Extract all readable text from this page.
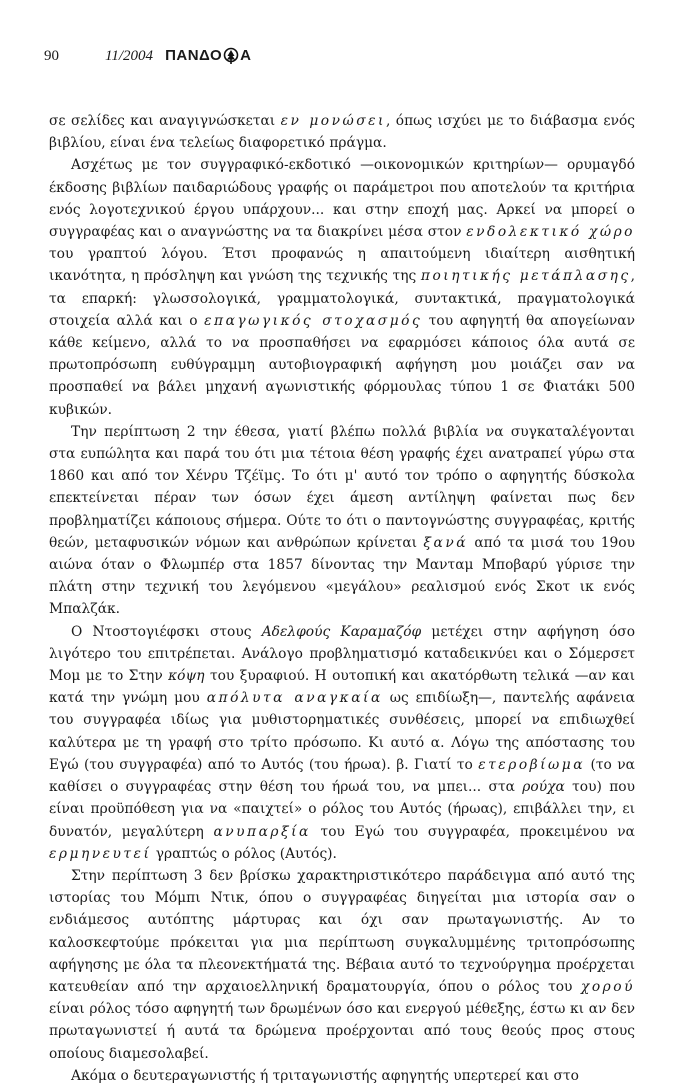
90	11/2004 ΠΑΝΔΟ Α

σε σελίδες και αναγιγνώσκεται εν μονώσει, όπως ισχύει με το διάβασμα ενός βιβλίου, είναι ένα τελείως διαφορετικό πράγμα.

Ασχέτως με τον συγγραφικό-εκδοτικό —οικονομικών κριτηρίων— ορυμαγδό έκδοσης βιβλίων παιδαριώδους γραφής οι παράμετροι που αποτελούν τα κριτήρια ενός λογοτεχνικού έργου υπάρχουν... και στην εποχή μας. Αρκεί να μπορεί ο συγγραφέας και ο αναγνώστης να τα διακρίνει μέσα στον ενδολεκτικό χώρο του γραπτού λόγου. Έτσι προφανώς η απαιτούμενη ιδιαίτερη αισθητική ικανότητα, η πρόσληψη και γνώση της τεχνικής της ποιητικής μετάπλασης, τα επαρκή: γλωσσολογικά, γραμματολογικά, συντακτικά, πραγματολογικά στοιχεία αλλά και ο επαγωγικός στοχασμός του αφηγητή θα απογείωναν κάθε κείμενο, αλλά το να προσπαθήσει να εφαρμόσει κάποιος όλα αυτά σε πρωτοπρόσωπη ευθύγραμμη αυτοβιογραφική αφήγηση μου μοιάζει σαν να προσπαθεί να βάλει μηχανή αγωνιστικής φόρμουλας τύπου 1 σε Φιατάκι 500 κυβικών.

Την περίπτωση 2 την έθεσα, γιατί βλέπω πολλά βιβλία να συγκαταλέγονται στα ευπώλητα και παρά του ότι μια τέτοια θέση γραφής έχει ανατραπεί γύρω στα 1860 και από τον Χένρυ Τζέϊμς. Το ότι μ' αυτό τον τρόπο ο αφηγητής δύσκολα επεκτείνεται πέραν των όσων έχει άμεση αντίληψη φαίνεται πως δεν προβληματίζει κάποιους σήμερα. Ούτε το ότι ο παντογνώστης συγγραφέας, κριτής θεών, μεταφυσικών νόμων και ανθρώπων κρίνεται ξανά από τα μισά του 19ου αιώνα όταν ο Φλωμπέρ στα 1857 δίνοντας την Μανταμ Μποβαρύ γύρισε την πλάτη στην τεχνική του λεγόμενου «μεγάλου» ρεαλισμού ενός Σκοτ ικ ενός Μπαλζάκ.

Ο Ντοστογιέφσκι στους Αδελφούς Καραμαζόφ μετέχει στην αφήγηση όσο λιγότερο του επιτρέπεται. Ανάλογο προβληματισμό καταδεικνύει και ο Σόμερσετ Μομ με το Στην κόψη του ξυραφιού. Η ουτοπική και ακατόρθωτη τελικά —αν και κατά την γνώμη μου απόλυτα αναγκαία ως επιδίωξη—, παντελής αφάνεια του συγγραφέα ιδίως για μυθιστορηματικές συνθέσεις, μπορεί να επιδιωχθεί καλύτερα με τη γραφή στο τρίτο πρόσωπο. Κι αυτό α. Λόγω της απόστασης του Εγώ (του συγγραφέα) από το Αυτός (του ήρωα). β. Γιατί το ετεροβίωμα (το να καθίσει ο συγγραφέας στην θέση του ήρωά του, να μπει... στα ρούχα του) που είναι προϋπόθεση για να «παιχτεί» ο ρόλος του Αυτός (ήρωας), επιβάλλει την, ει δυνατόν, μεγαλύτερη ανυπαρξία του Εγώ του συγγραφέα, προκειμένου να ερμηνευτεί γραπτώς ο ρόλος (Αυτός).

Στην περίπτωση 3 δεν βρίσκω χαρακτηριστικότερο παράδειγμα από αυτό της ιστορίας του Μόμπι Ντικ, όπου ο συγγραφέας διηγείται μια ιστορία σαν ο ενδιάμεσος αυτόπτης μάρτυρας και όχι σαν πρωταγωνιστής. Αν το καλοσκεφτούμε πρόκειται για μια περίπτωση συγκαλυμμένης τριτοπρόσωπης αφήγησης με όλα τα πλεονεκτήματά της. Βέβαια αυτό το τεχνούργημα προέρχεται κατευθείαν από την αρχαιοελληνική δραματουργία, όπου ο ρόλος του χορού είναι ρόλος τόσο αφηγητή των δρωμένων όσο και ενεργού μέθεξης, έστω κι αν δεν πρωταγωνιστεί ή αυτά τα δρώμενα προέρχονται από τους θεούς προς στους οποίους διαμεσολαβεί.

Ακόμα ο δευτεραγωνιστής ή τριταγωνιστής αφηγητής υπερτερεί και στο
